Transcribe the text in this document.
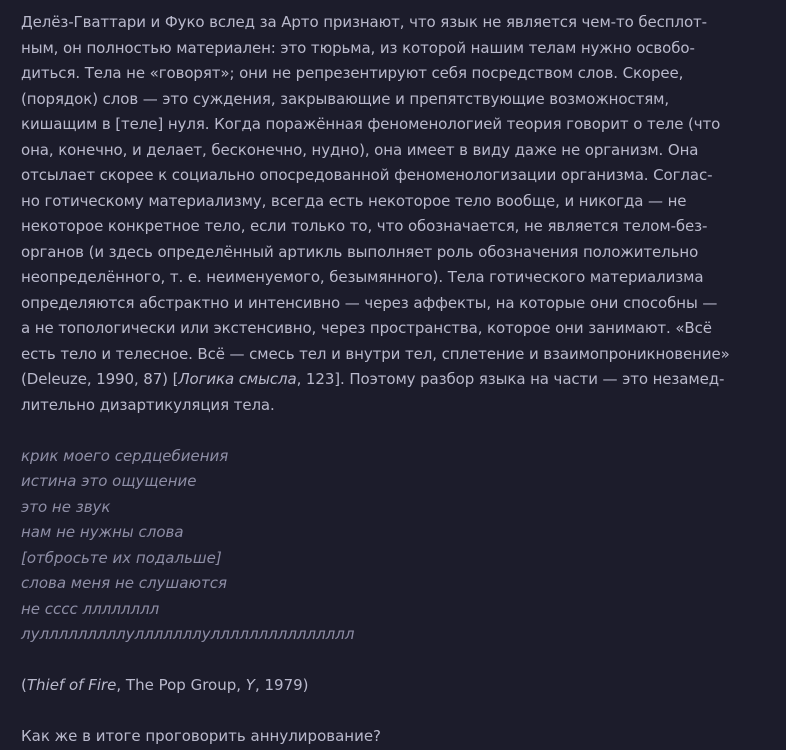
Делёз-Гваттари и Фуко вслед за Арто признают, что язык не является чем-то бесплот-
ным, он полностью материален: это тюрьма, из которой нашим телам нужно освобо-
диться. Тела не «говорят»; они не репрезентируют себя посредством слов. Скорее,
(порядок) слов — это суждения, закрывающие и препятствующие возможностям,
кишащим в [теле] нуля. Когда поражённая феноменологией теория говорит о теле (что
она, конечно, и делает, бесконечно, нудно), она имеет в виду даже не организм. Она
отсылает скорее к социально опосредованной феноменологизации организма. Соглас-
но готическому материализму, всегда есть некоторое тело вообще, и никогда — не
некоторое конкретное тело, если только то, что обозначается, не является телом-без-
органов (и здесь определённый артикль выполняет роль обозначения положительно
неопределённого, т. е. неименуемого, безымянного). Тела готического материализма
определяются абстрактно и интенсивно — через аффекты, на которые они способны —
а не топологически или экстенсивно, через пространства, которое они занимают. «Всё
есть тело и телесное. Всё — смесь тел и внутри тел, сплетение и взаимопроникновение»
(Deleuze, 1990, 87) [Логика смысла, 123]. Поэтому разбор языка на части — это незамед-
лительно дизартикуляция тела.

крик моего сердцебиения
истина это ощущение
это не звук
нам не нужны слова
[отбросьте их подальше]
слова меня не слушаются
не сссс лллллллл
лулллллллллулллллллуллллллллллллллл

(Thief of Fire, The Pop Group, Y, 1979)

Как же в итоге проговорить аннулирование?
